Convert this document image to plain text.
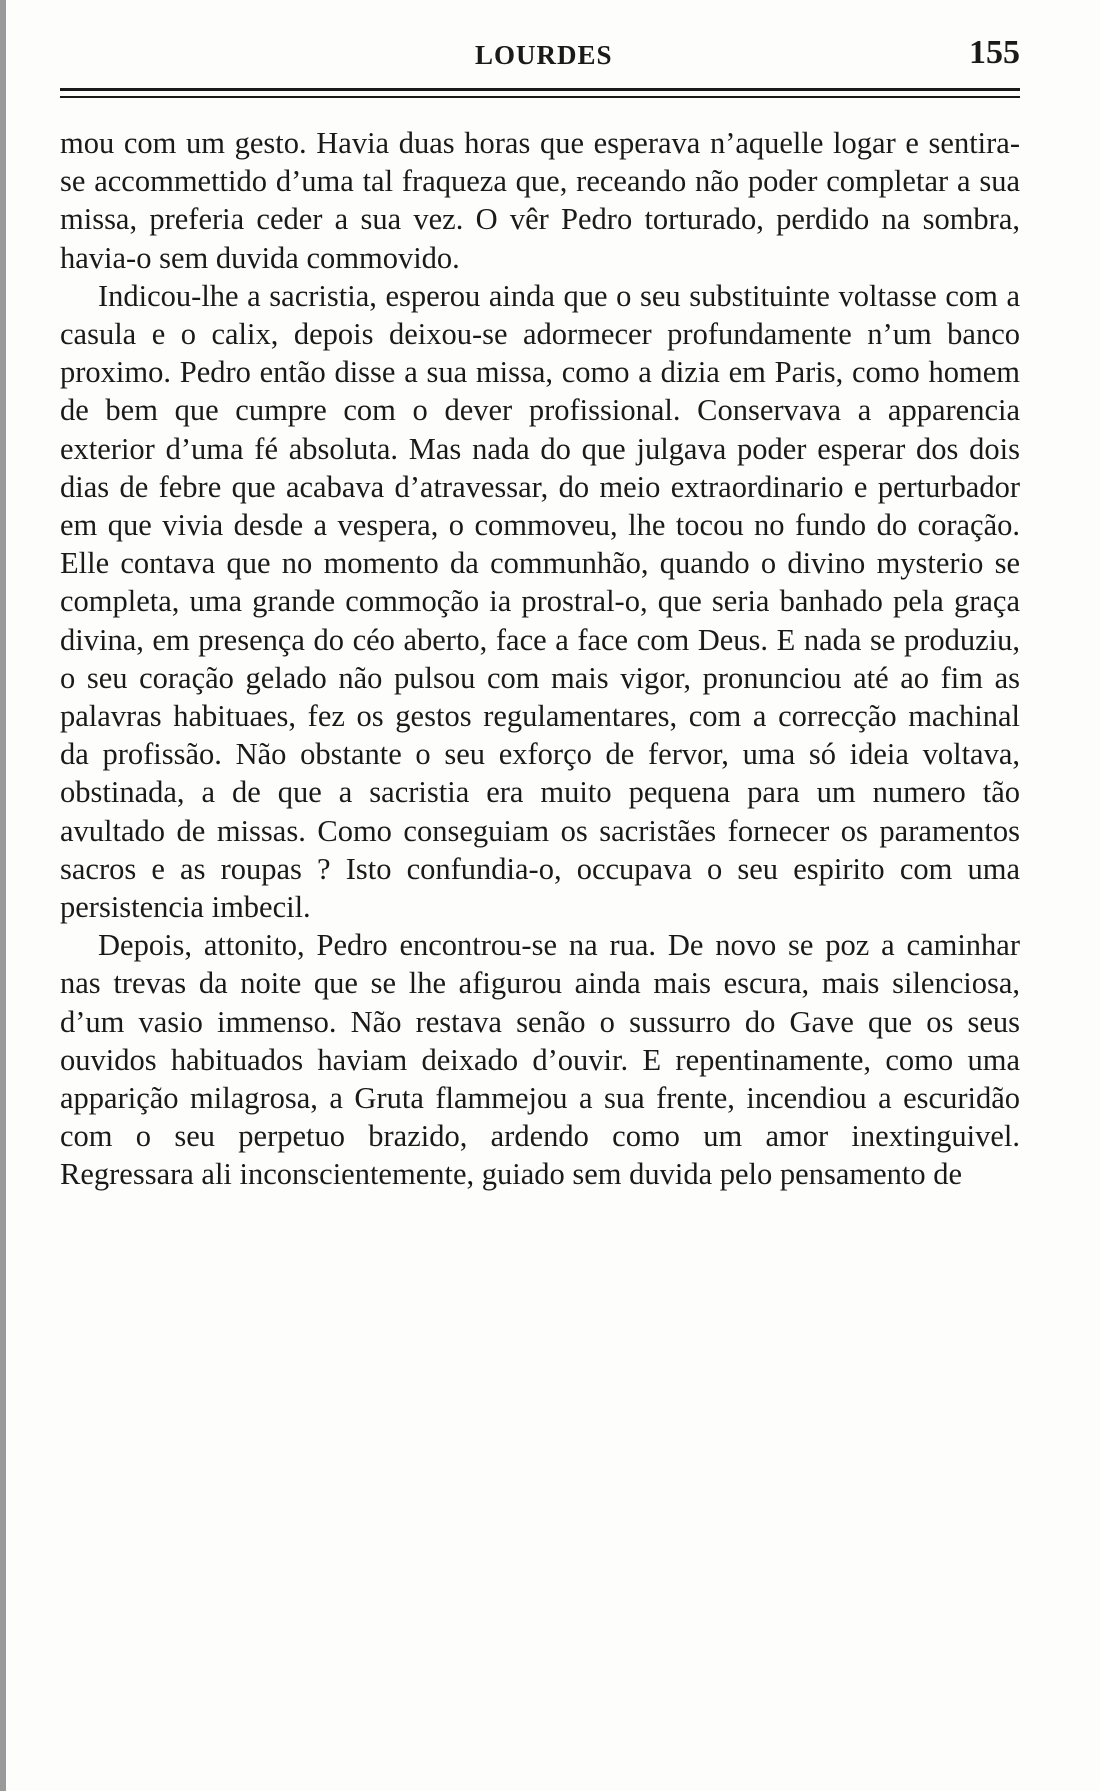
LOURDES	155

mou com um gesto. Havia duas horas que esperava n’aquelle logar e sentira-se accommettido d’uma tal fraqueza que, receando não poder completar a sua missa, preferia ceder a sua vez. O vêr Pedro torturado, perdido na sombra, havia-o sem duvida commovido.

Indicou-lhe a sacristia, esperou ainda que o seu substituinte voltasse com a casula e o calix, depois deixou-se adormecer profundamente n’um banco proximo. Pedro então disse a sua missa, como a dizia em Paris, como homem de bem que cumpre com o dever profissional. Conservava a apparencia exterior d’uma fé absoluta. Mas nada do que julgava poder esperar dos dois dias de febre que acabava d’atravessar, do meio extraordinario e perturbador em que vivia desde a vespera, o commoveu, lhe tocou no fundo do coração. Elle contava que no momento da communhão, quando o divino mysterio se completa, uma grande commoção ia prostral-o, que seria banhado pela graça divina, em presença do céo aberto, face a face com Deus. E nada se produziu, o seu coração gelado não pulsou com mais vigor, pronunciou até ao fim as palavras habituaes, fez os gestos regulamentares, com a correcção machinal da profissão. Não obstante o seu exforço de fervor, uma só ideia voltava, obstinada, a de que a sacristia era muito pequena para um numero tão avultado de missas. Como conseguiam os sacristães fornecer os paramentos sacros e as roupas ? Isto confundia-o, occupava o seu espirito com uma persistencia imbecil.

Depois, attonito, Pedro encontrou-se na rua. De novo se poz a caminhar nas trevas da noite que se lhe afigurou ainda mais escura, mais silenciosa, d’um vasio immenso. Não restava senão o sussurro do Gave que os seus ouvidos habituados haviam deixado d’ouvir. E repentinamente, como uma apparição milagrosa, a Gruta flammejou a sua frente, incendiou a escuridão com o seu perpetuo brazido, ardendo como um amor inextinguivel. Regressara ali inconscientemente, guiado sem duvida pelo pensamento de
